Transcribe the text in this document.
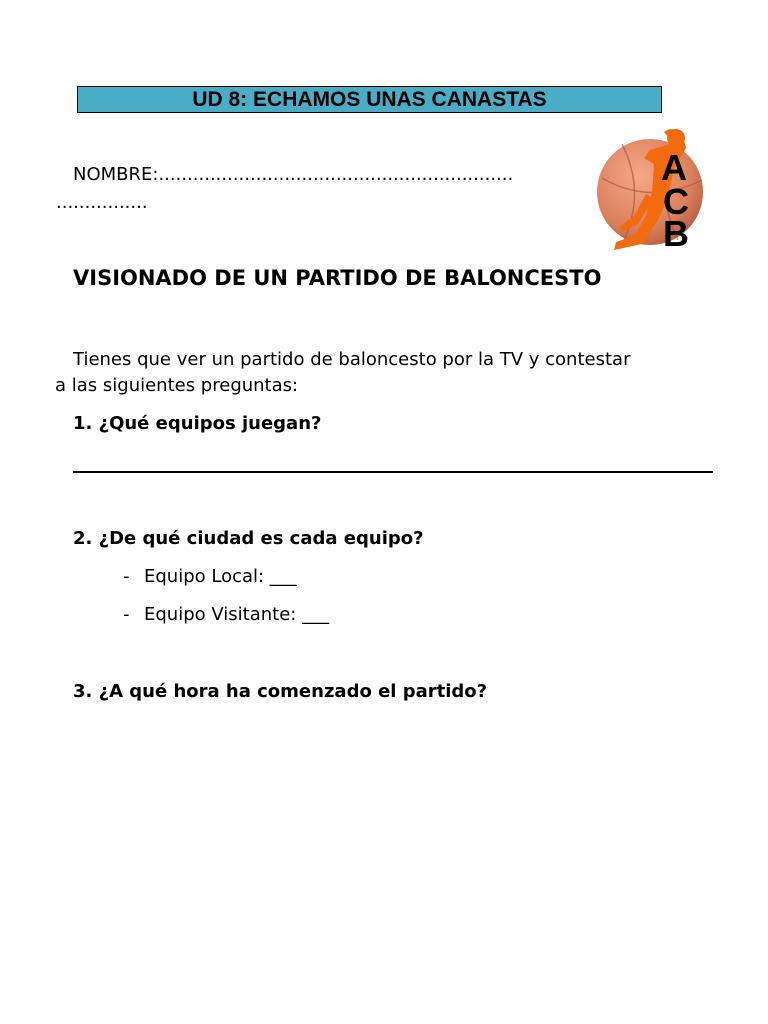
UD 8: ECHAMOS UNAS CANASTAS
NOMBRE:..............................................................
................
A
C
B
VISIONADO DE UN PARTIDO DE BALONCESTO
Tienes que ver un partido de baloncesto por la TV y contestar
a las siguientes preguntas:
1. ¿Qué equipos juegan?
2. ¿De qué ciudad es cada equipo?
- Equipo Local: ___
- Equipo Visitante: ___
3. ¿A qué hora ha comenzado el partido?
